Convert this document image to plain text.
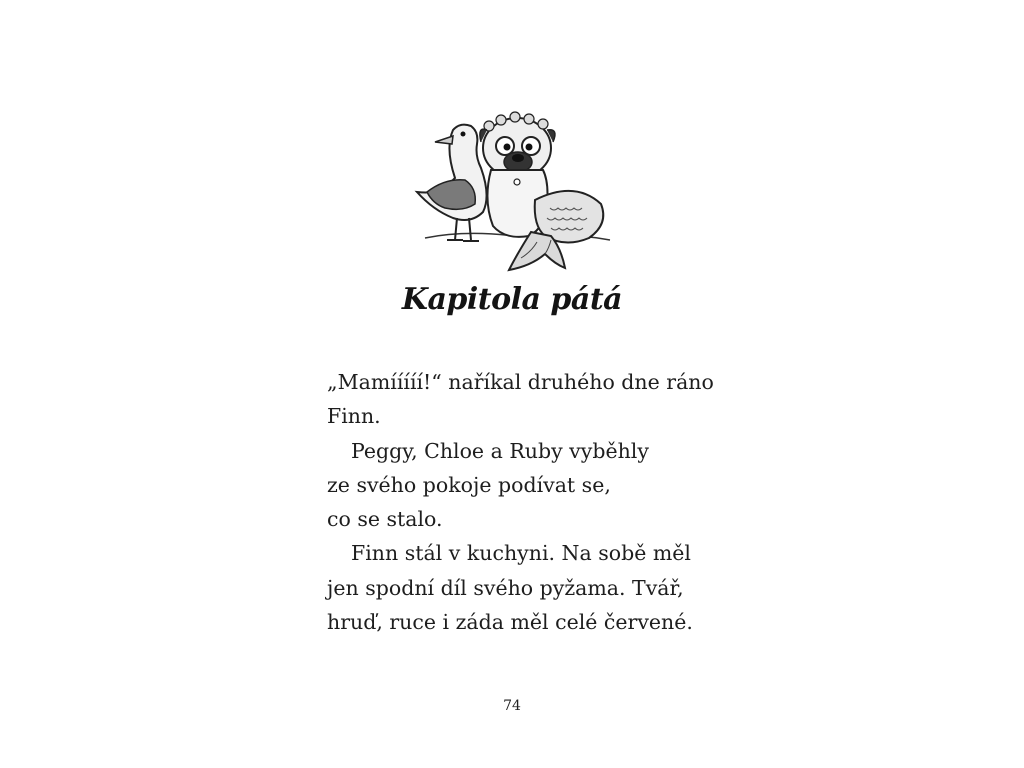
Kapitola pátá
„Mamííííí!“ naříkal druhého dne ráno
Finn.
Peggy, Chloe a Ruby vyběhly
ze svého pokoje podívat se,
co se stalo.
Finn stál v kuchyni. Na sobě měl
jen spodní díl svého pyžama. Tvář,
hruď, ruce i záda měl celé červené.
74
